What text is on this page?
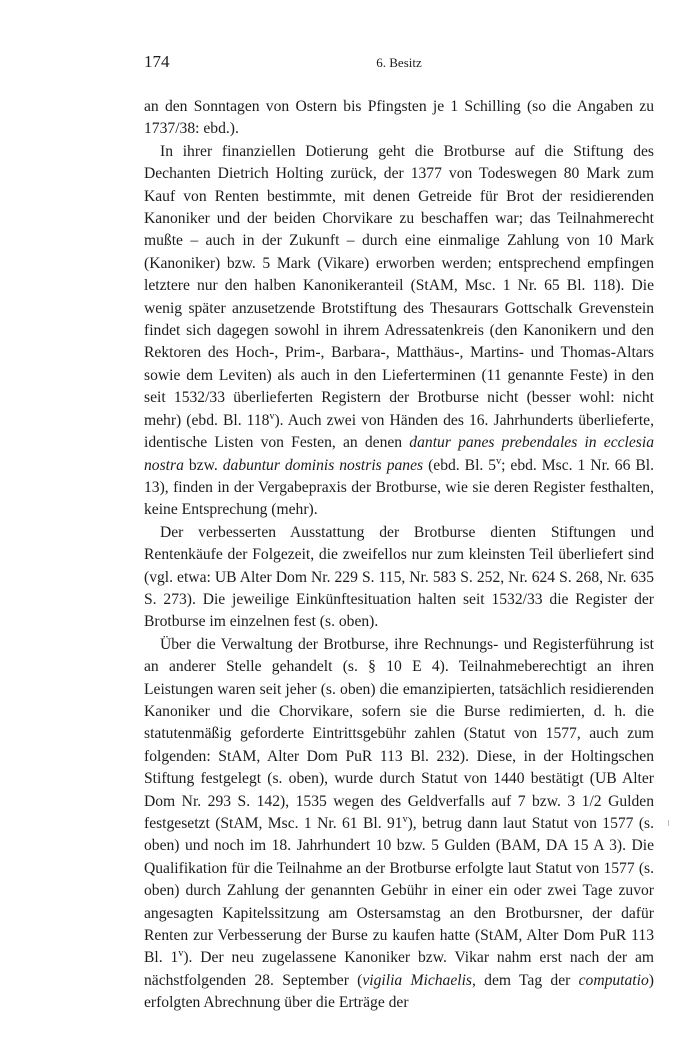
174	6. Besitz

an den Sonntagen von Ostern bis Pfingsten je 1 Schilling (so die Angaben zu 1737/38: ebd.).

In ihrer finanziellen Dotierung geht die Brotburse auf die Stiftung des Dechanten Dietrich Holting zurück, der 1377 von Todeswegen 80 Mark zum Kauf von Renten bestimmte, mit denen Getreide für Brot der residierenden Kanoniker und der beiden Chorvikare zu beschaffen war; das Teilnahmerecht mußte – auch in der Zukunft – durch eine einmalige Zahlung von 10 Mark (Kanoniker) bzw. 5 Mark (Vikare) erworben werden; entsprechend empfingen letztere nur den halben Kanonikeranteil (StAM, Msc. 1 Nr. 65 Bl. 118). Die wenig später anzusetzende Brotstiftung des Thesaurars Gottschalk Grevenstein findet sich dagegen sowohl in ihrem Adressatenkreis (den Kanonikern und den Rektoren des Hoch-, Prim-, Barbara-, Matthäus-, Martins- und Thomas-Altars sowie dem Leviten) als auch in den Lieferterminen (11 genannte Feste) in den seit 1532/33 überlieferten Registern der Brotburse nicht (besser wohl: nicht mehr) (ebd. Bl. 118$^v$). Auch zwei von Händen des 16. Jahrhunderts überlieferte, identische Listen von Festen, an denen dantur panes prebendales in ecclesia nostra bzw. dabuntur dominis nostris panes (ebd. Bl. 5$^v$; ebd. Msc. 1 Nr. 66 Bl. 13), finden in der Vergabepraxis der Brotburse, wie sie deren Register festhalten, keine Entsprechung (mehr).

Der verbesserten Ausstattung der Brotburse dienten Stiftungen und Rentenkäufe der Folgezeit, die zweifellos nur zum kleinsten Teil überliefert sind (vgl. etwa: UB Alter Dom Nr. 229 S. 115, Nr. 583 S. 252, Nr. 624 S. 268, Nr. 635 S. 273). Die jeweilige Einkünftesituation halten seit 1532/33 die Register der Brotburse im einzelnen fest (s. oben).

Über die Verwaltung der Brotburse, ihre Rechnungs- und Registerführung ist an anderer Stelle gehandelt (s. § 10 E 4). Teilnahmeberechtigt an ihren Leistungen waren seit jeher (s. oben) die emanzipierten, tatsächlich residierenden Kanoniker und die Chorvikare, sofern sie die Burse redimierten, d. h. die statutenmäßig geforderte Eintrittsgebühr zahlen (Statut von 1577, auch zum folgenden: StAM, Alter Dom PuR 113 Bl. 232). Diese, in der Holtingschen Stiftung festgelegt (s. oben), wurde durch Statut von 1440 bestätigt (UB Alter Dom Nr. 293 S. 142), 1535 wegen des Geldverfalls auf 7 bzw. 3 1/2 Gulden festgesetzt (StAM, Msc. 1 Nr. 61 Bl. 91$^v$), betrug dann laut Statut von 1577 (s. oben) und noch im 18. Jahrhundert 10 bzw. 5 Gulden (BAM, DA 15 A 3). Die Qualifikation für die Teilnahme an der Brotburse erfolgte laut Statut von 1577 (s. oben) durch Zahlung der genannten Gebühr in einer ein oder zwei Tage zuvor angesagten Kapitelssitzung am Ostersamstag an den Brotbursner, der dafür Renten zur Verbesserung der Burse zu kaufen hatte (StAM, Alter Dom PuR 113 Bl. 1$^v$). Der neu zugelassene Kanoniker bzw. Vikar nahm erst nach der am nächstfolgenden 28. September (vigilia Michaelis, dem Tag der computatio) erfolgten Abrechnung über die Erträge der
